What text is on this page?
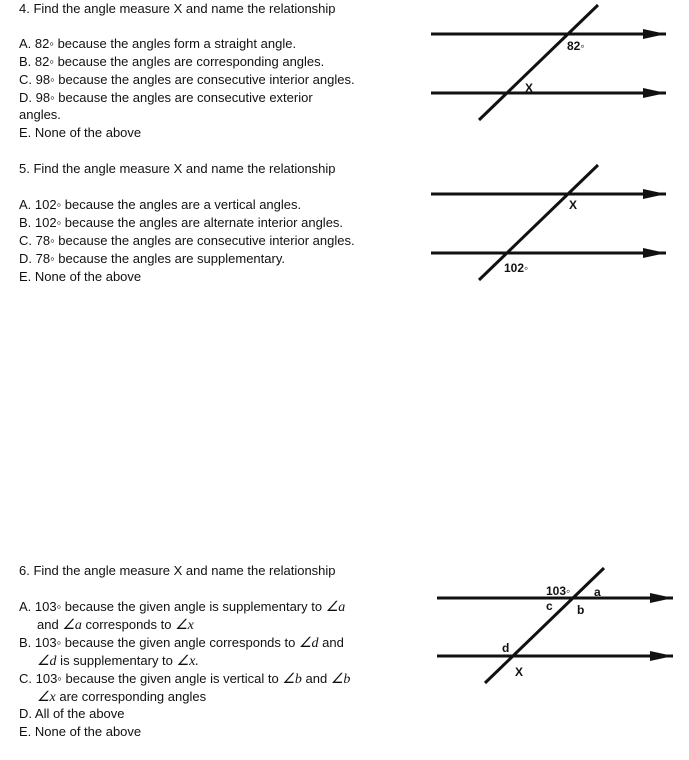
4. Find the angle measure X and name the relationship
A. 82◦ because the angles form a straight angle.
B. 82◦ because the angles are corresponding angles.
C. 98◦ because the angles are consecutive interior angles.
D. 98◦ because the angles are consecutive exterior
angles.
E. None of the above
5. Find the angle measure X and name the relationship
A. 102◦ because the angles are a vertical angles.
B. 102◦ because the angles are alternate interior angles.
C. 78◦ because the angles are consecutive interior angles.
D. 78◦ because the angles are supplementary.
E. None of the above
6. Find the angle measure X and name the relationship
A. 103◦ because the given angle is supplementary to ∠a
and ∠a corresponds to ∠x
B. 103◦ because the given angle corresponds to ∠d and
∠d is supplementary to ∠x.
C. 103◦ because the given angle is vertical to ∠b and ∠b
∠x are corresponding angles
D. All of the above
E. None of the above
82◦
X
X
102◦
103◦ a
c b
d
X
